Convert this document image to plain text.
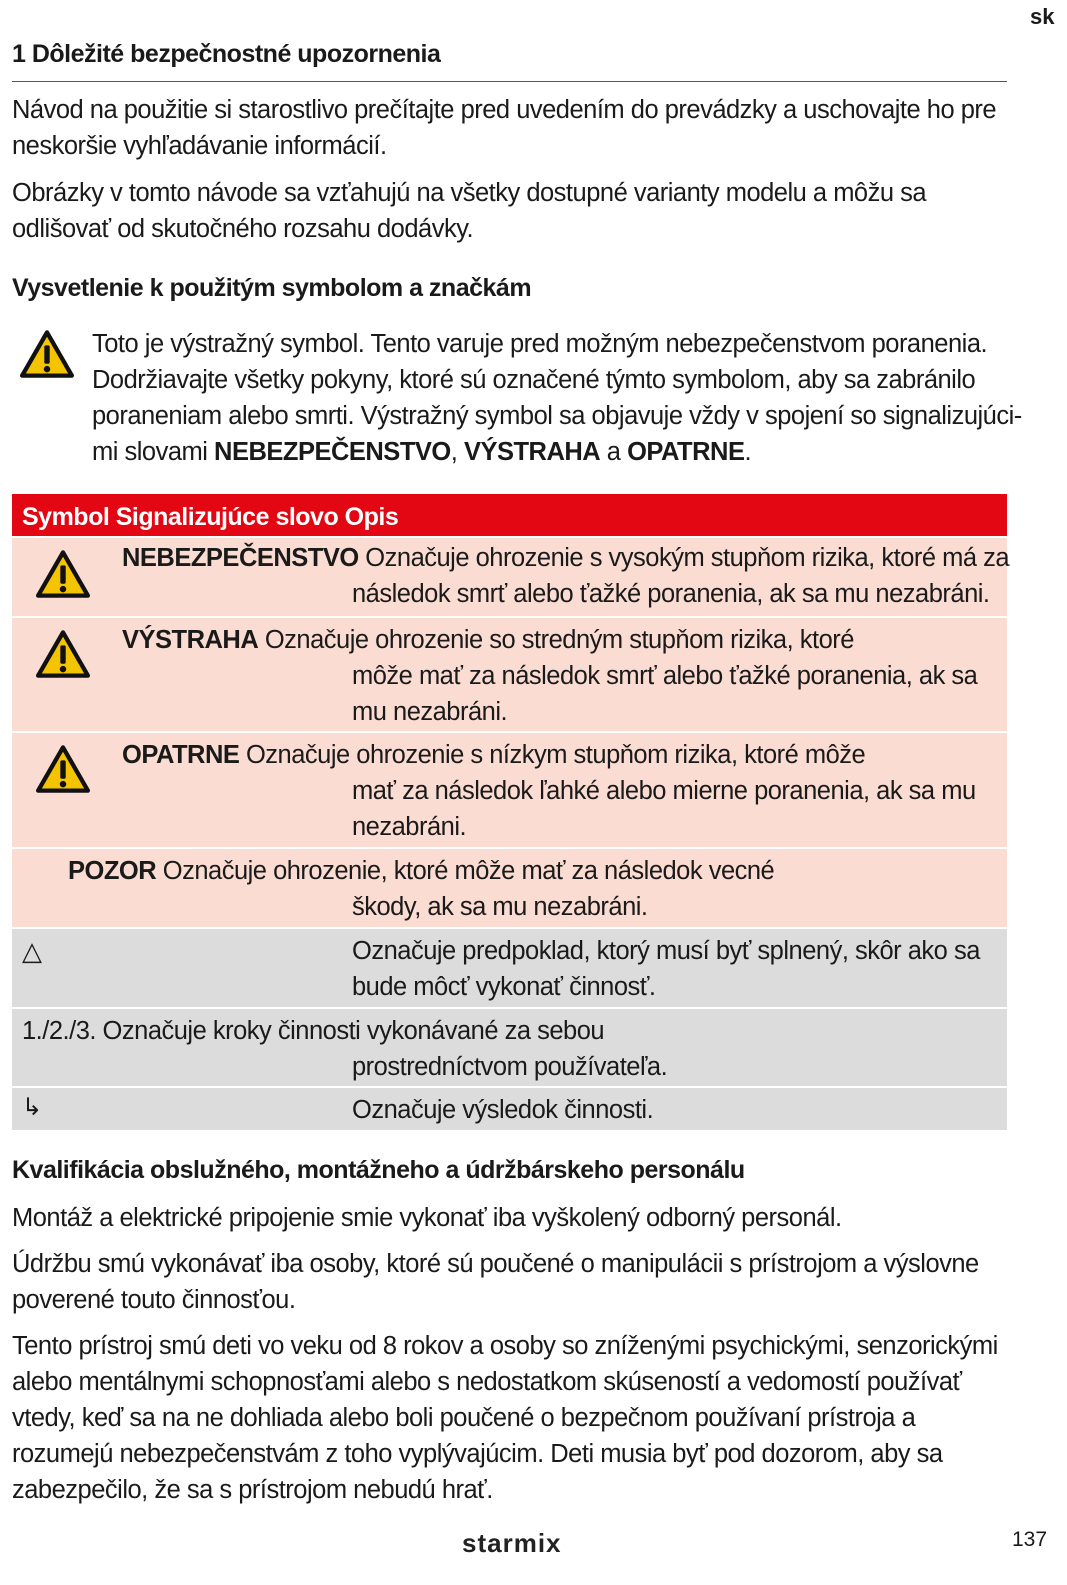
sk
1 Dôležité bezpečnostné upozornenia
Návod na použitie si starostlivo prečítajte pred uvedením do prevádzky a uschovajte ho pre neskoršie vyhľadávanie informácií.
Obrázky v tomto návode sa vzťahujú na všetky dostupné varianty modelu a môžu sa odlišovať od skutočného rozsahu dodávky.
Vysvetlenie k použitým symbolom a značkám
Toto je výstražný symbol. Tento varuje pred možným nebezpečenstvom poranenia. Dodržiavajte všetky pokyny, ktoré sú označené týmto symbolom, aby sa zabránilo poraneniam alebo smrti. Výstražný symbol sa objavuje vždy v spojení so signalizujúci-mi slovami NEBEZPEČENSTVO, VÝSTRAHA a OPATRNE.
Symbol Signalizujúce slovo Opis
NEBEZPEČENSTVO Označuje ohrozenie s vysokým stupňom rizika, ktoré má za
následok smrť alebo ťažké poranenia, ak sa mu nezabráni.
VÝSTRAHA Označuje ohrozenie so stredným stupňom rizika, ktoré
môže mať za následok smrť alebo ťažké poranenia, ak sa mu nezabráni.
OPATRNE Označuje ohrozenie s nízkym stupňom rizika, ktoré môže
mať za následok ľahké alebo mierne poranenia, ak sa mu nezabráni.
POZOR Označuje ohrozenie, ktoré môže mať za následok vecné
škody, ak sa mu nezabráni.
△	Označuje predpoklad, ktorý musí byť splnený, skôr ako sa bude môcť vykonať činnosť.
1./2./3. Označuje kroky činnosti vykonávané za sebou
prostredníctvom používateľa.
↳	Označuje výsledok činnosti.
Kvalifikácia obslužného, montážneho a údržbárskeho personálu
Montáž a elektrické pripojenie smie vykonať iba vyškolený odborný personál.
Údržbu smú vykonávať iba osoby, ktoré sú poučené o manipulácii s prístrojom a výslovne poverené touto činnosťou.
Tento prístroj smú deti vo veku od 8 rokov a osoby so zníženými psychickými, senzorickými alebo mentálnymi schopnosťami alebo s nedostatkom skúseností a vedomostí používať vtedy, keď sa na ne dohliada alebo boli poučené o bezpečnom používaní prístroja a rozumejú nebezpečenstvám z toho vyplývajúcim. Deti musia byť pod dozorom, aby sa zabezpečilo, že sa s prístrojom nebudú hrať.
starmix	137
